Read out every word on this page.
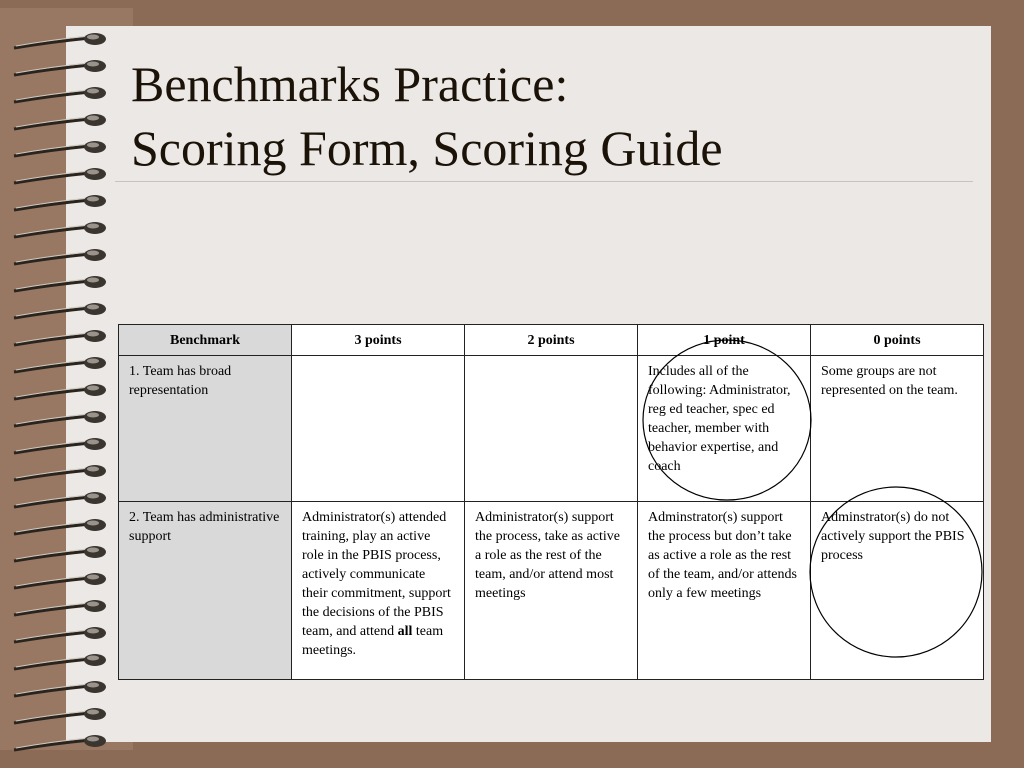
Benchmarks Practice:
Scoring Form, Scoring Guide
Benchmark	3 points	2 points	1 point	0 points
1. Team has broad representation			Includes all of the following: Administrator, reg ed teacher, spec ed teacher, member with behavior expertise, and coach	Some groups are not represented on the team.
2. Team has administrative support	Administrator(s) attended training, play an active role in the PBIS process, actively communicate their commitment, support the decisions of the PBIS team, and attend all team meetings.	Administrator(s) support the process, take as active a role as the rest of the team, and/or attend most meetings	Adminstrator(s) support the process but don’t take as active a role as the rest of the team, and/or attends only a few meetings	Adminstrator(s) do not actively support the PBIS process
